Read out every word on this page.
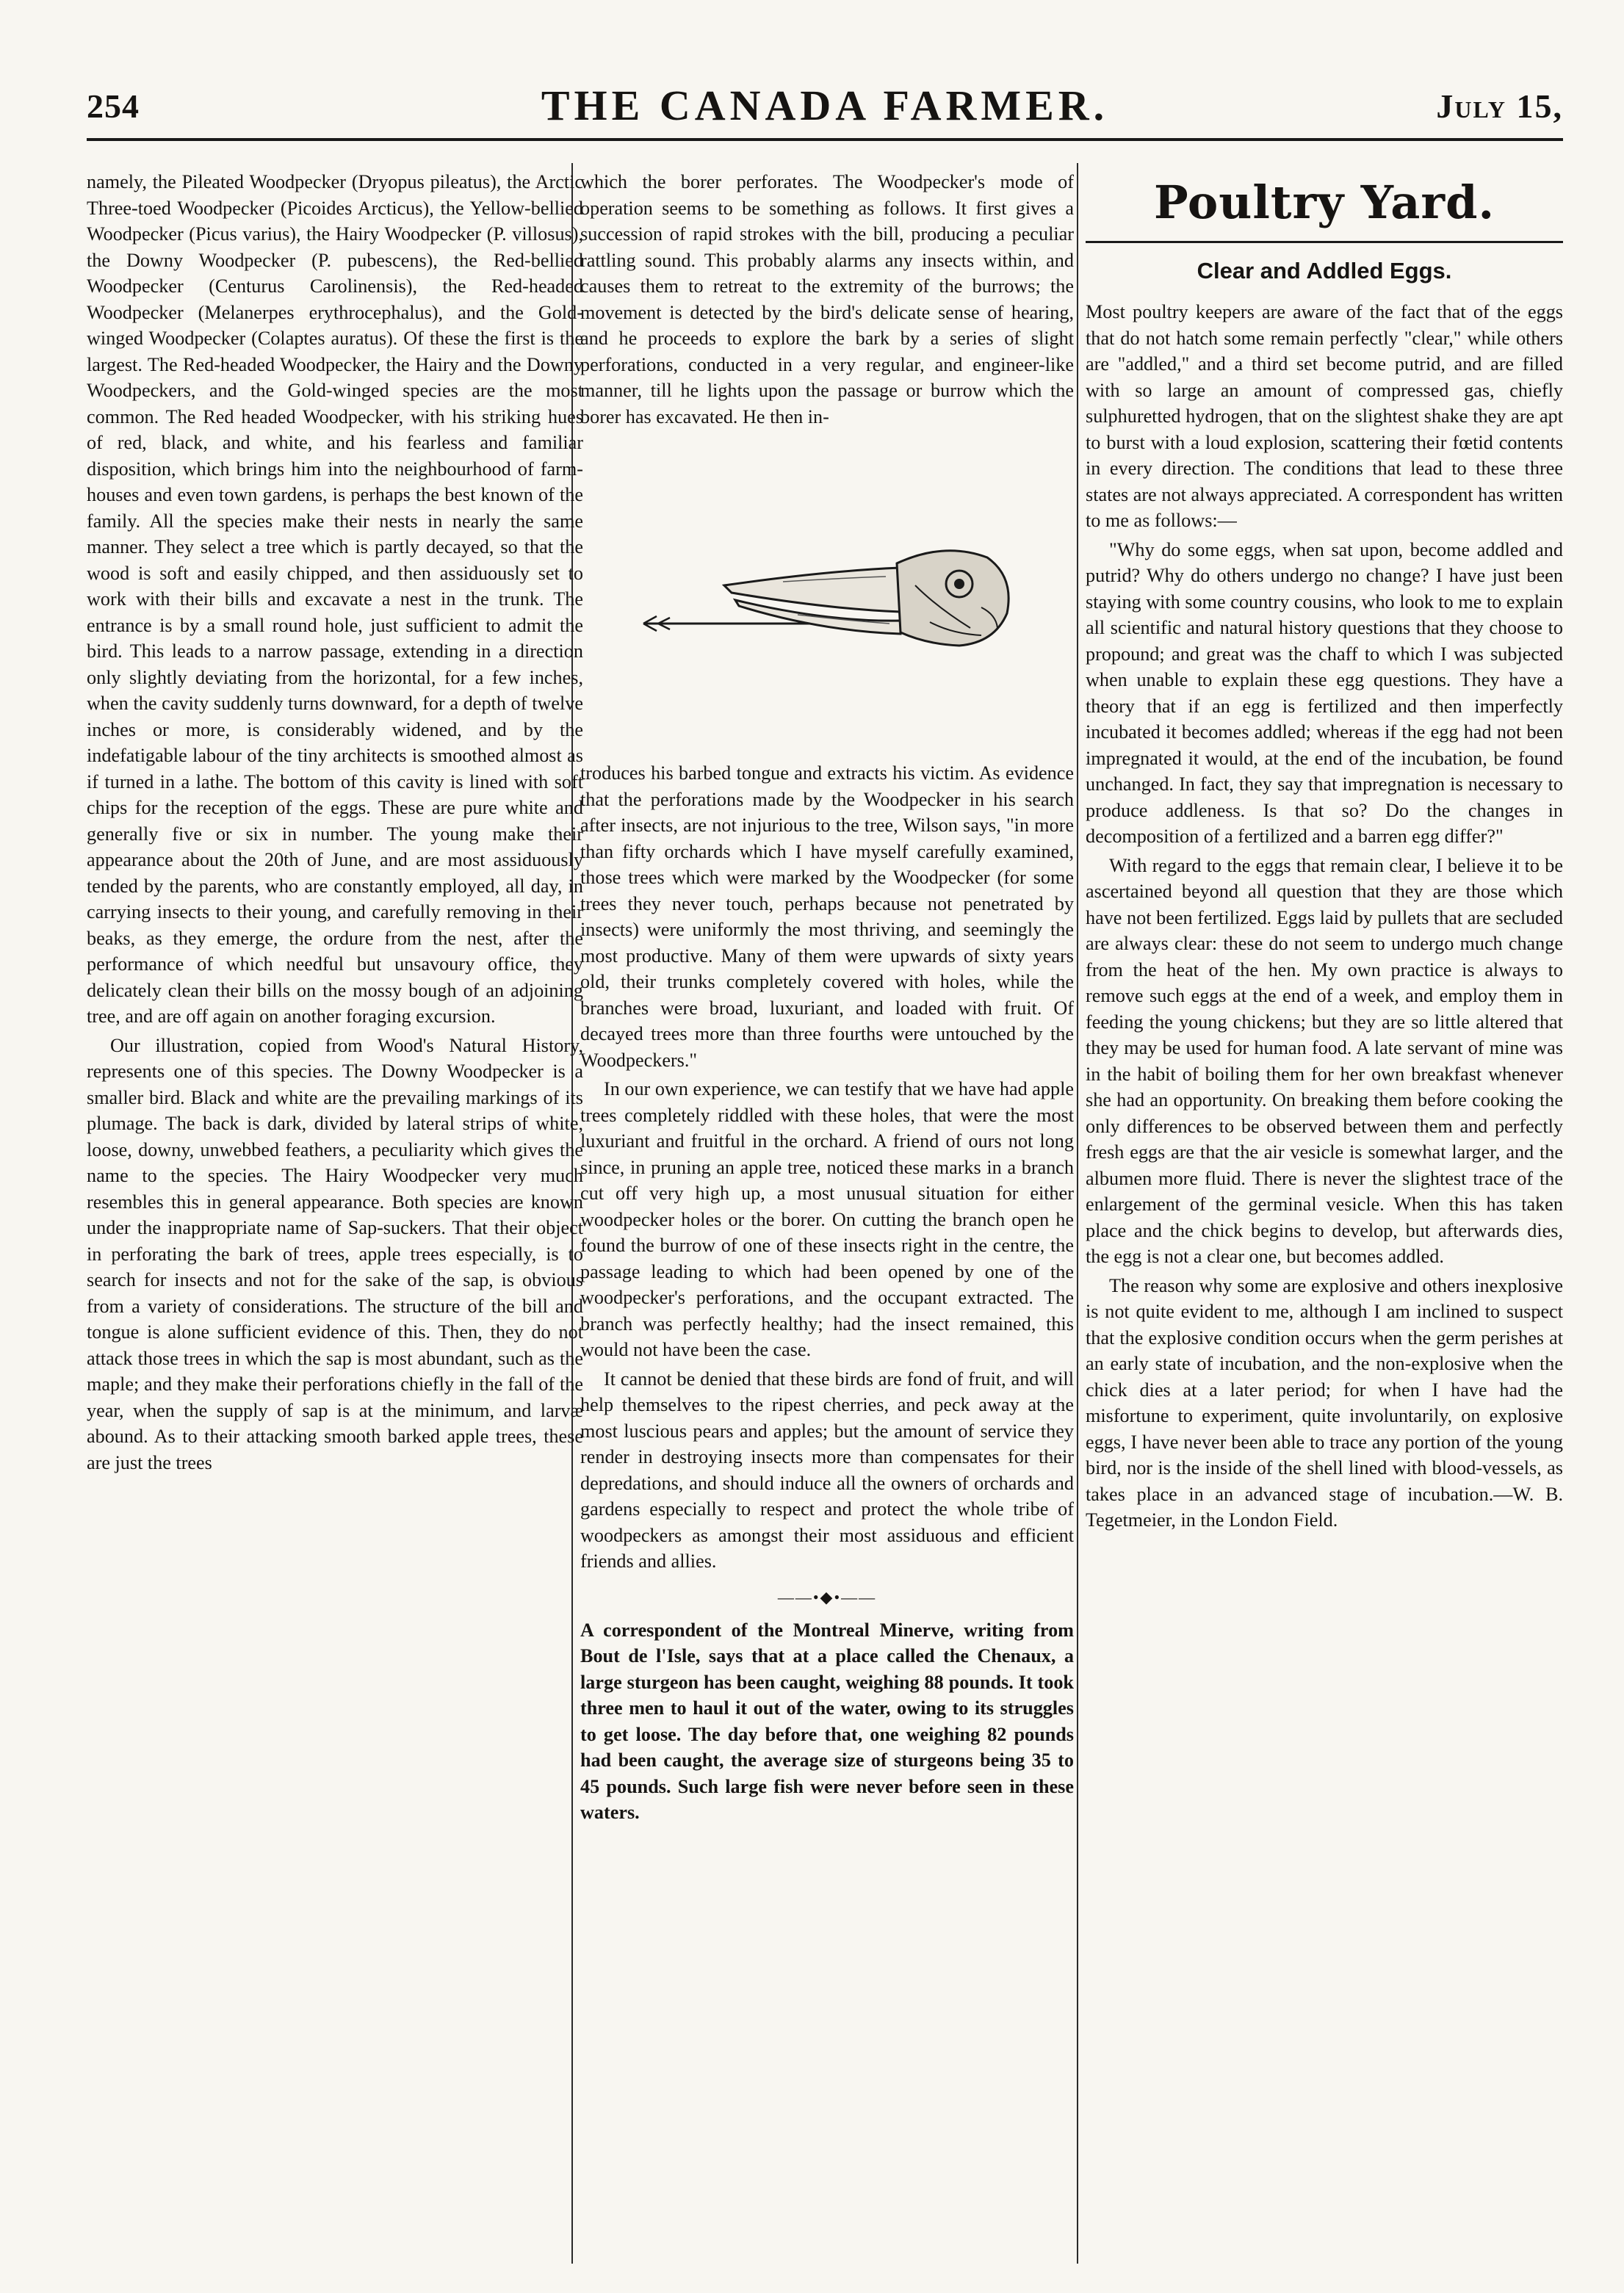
254	THE CANADA FARMER.	July 15,

namely, the Pileated Woodpecker (Dryopus pileatus), the Arctic Three-toed Woodpecker (Picoides Arcticus), the Yellow-bellied Woodpecker (Picus varius), the Hairy Woodpecker (P. villosus), the Downy Woodpecker (P. pubescens), the Red-bellied Woodpecker (Centurus Carolinensis), the Red-headed Woodpecker (Melanerpes erythrocephalus), and the Gold-winged Woodpecker (Colaptes auratus). Of these the first is the largest. The Red-headed Woodpecker, the Hairy and the Downy Woodpeckers, and the Gold-winged species are the most common. The Red headed Woodpecker, with his striking hues of red, black, and white, and his fearless and familiar disposition, which brings him into the neighbourhood of farm-houses and even town gardens, is perhaps the best known of the family. All the species make their nests in nearly the same manner. They select a tree which is partly decayed, so that the wood is soft and easily chipped, and then assiduously set to work with their bills and excavate a nest in the trunk. The entrance is by a small round hole, just sufficient to admit the bird. This leads to a narrow passage, extending in a direction only slightly deviating from the horizontal, for a few inches, when the cavity suddenly turns downward, for a depth of twelve inches or more, is considerably widened, and by the indefatigable labour of the tiny architects is smoothed almost as if turned in a lathe. The bottom of this cavity is lined with soft chips for the reception of the eggs. These are pure white and generally five or six in number. The young make their appearance about the 20th of June, and are most assiduously tended by the parents, who are constantly employed, all day, in carrying insects to their young, and carefully removing in their beaks, as they emerge, the ordure from the nest, after the performance of which needful but unsavoury office, they delicately clean their bills on the mossy bough of an adjoining tree, and are off again on another foraging excursion.

Our illustration, copied from Wood's Natural History, represents one of this species. The Downy Woodpecker is a smaller bird. Black and white are the prevailing markings of its plumage. The back is dark, divided by lateral strips of white, loose, downy, unwebbed feathers, a peculiarity which gives the name to the species. The Hairy Woodpecker very much resembles this in general appearance. Both species are known under the inappropriate name of Sap-suckers. That their object in perforating the bark of trees, apple trees especially, is to search for insects and not for the sake of the sap, is obvious from a variety of considerations. The structure of the bill and tongue is alone sufficient evidence of this. Then, they do not attack those trees in which the sap is most abundant, such as the maple; and they make their perforations chiefly in the fall of the year, when the supply of sap is at the minimum, and larvæ abound. As to their attacking smooth barked apple trees, these are just the trees

which the borer perforates. The Woodpecker's mode of operation seems to be something as follows. It first gives a succession of rapid strokes with the bill, producing a peculiar rattling sound. This probably alarms any insects within, and causes them to retreat to the extremity of the burrows; the movement is detected by the bird's delicate sense of hearing, and he proceeds to explore the bark by a series of slight perforations, conducted in a very regular, and engineer-like manner, till he lights upon the passage or burrow which the borer has excavated. He then in-

troduces his barbed tongue and extracts his victim. As evidence that the perforations made by the Woodpecker in his search after insects, are not injurious to the tree, Wilson says, "in more than fifty orchards which I have myself carefully examined, those trees which were marked by the Woodpecker (for some trees they never touch, perhaps because not penetrated by insects) were uniformly the most thriving, and seemingly the most productive. Many of them were upwards of sixty years old, their trunks completely covered with holes, while the branches were broad, luxuriant, and loaded with fruit. Of decayed trees more than three fourths were untouched by the Woodpeckers."

In our own experience, we can testify that we have had apple trees completely riddled with these holes, that were the most luxuriant and fruitful in the orchard. A friend of ours not long since, in pruning an apple tree, noticed these marks in a branch cut off very high up, a most unusual situation for either woodpecker holes or the borer. On cutting the branch open he found the burrow of one of these insects right in the centre, the passage leading to which had been opened by one of the woodpecker's perforations, and the occupant extracted. The branch was perfectly healthy; had the insect remained, this would not have been the case.

It cannot be denied that these birds are fond of fruit, and will help themselves to the ripest cherries, and peck away at the most luscious pears and apples; but the amount of service they render in destroying insects more than compensates for their depredations, and should induce all the owners of orchards and gardens especially to respect and protect the whole tribe of woodpeckers as amongst their most assiduous and efficient friends and allies.

——•◆•——

A correspondent of the Montreal Minerve, writing from Bout de l'Isle, says that at a place called the Chenaux, a large sturgeon has been caught, weighing 88 pounds. It took three men to haul it out of the water, owing to its struggles to get loose. The day before that, one weighing 82 pounds had been caught, the average size of sturgeons being 35 to 45 pounds. Such large fish were never before seen in these waters.

Poultry Yard.
Clear and Addled Eggs.

Most poultry keepers are aware of the fact that of the eggs that do not hatch some remain perfectly "clear," while others are "addled," and a third set become putrid, and are filled with so large an amount of compressed gas, chiefly sulphuretted hydrogen, that on the slightest shake they are apt to burst with a loud explosion, scattering their fœtid contents in every direction. The conditions that lead to these three states are not always appreciated. A correspondent has written to me as follows:—

"Why do some eggs, when sat upon, become addled and putrid? Why do others undergo no change? I have just been staying with some country cousins, who look to me to explain all scientific and natural history questions that they choose to propound; and great was the chaff to which I was subjected when unable to explain these egg questions. They have a theory that if an egg is fertilized and then imperfectly incubated it becomes addled; whereas if the egg had not been impregnated it would, at the end of the incubation, be found unchanged. In fact, they say that impregnation is necessary to produce addleness. Is that so? Do the changes in decomposition of a fertilized and a barren egg differ?"

With regard to the eggs that remain clear, I believe it to be ascertained beyond all question that they are those which have not been fertilized. Eggs laid by pullets that are secluded are always clear: these do not seem to undergo much change from the heat of the hen. My own practice is always to remove such eggs at the end of a week, and employ them in feeding the young chickens; but they are so little altered that they may be used for human food. A late servant of mine was in the habit of boiling them for her own breakfast whenever she had an opportunity. On breaking them before cooking the only differences to be observed between them and perfectly fresh eggs are that the air vesicle is somewhat larger, and the albumen more fluid. There is never the slightest trace of the enlargement of the germinal vesicle. When this has taken place and the chick begins to develop, but afterwards dies, the egg is not a clear one, but becomes addled.

The reason why some are explosive and others inexplosive is not quite evident to me, although I am inclined to suspect that the explosive condition occurs when the germ perishes at an early state of incubation, and the non-explosive when the chick dies at a later period; for when I have had the misfortune to experiment, quite involuntarily, on explosive eggs, I have never been able to trace any portion of the young bird, nor is the inside of the shell lined with blood-vessels, as takes place in an advanced stage of incubation.—W. B. Tegetmeier, in the London Field.
